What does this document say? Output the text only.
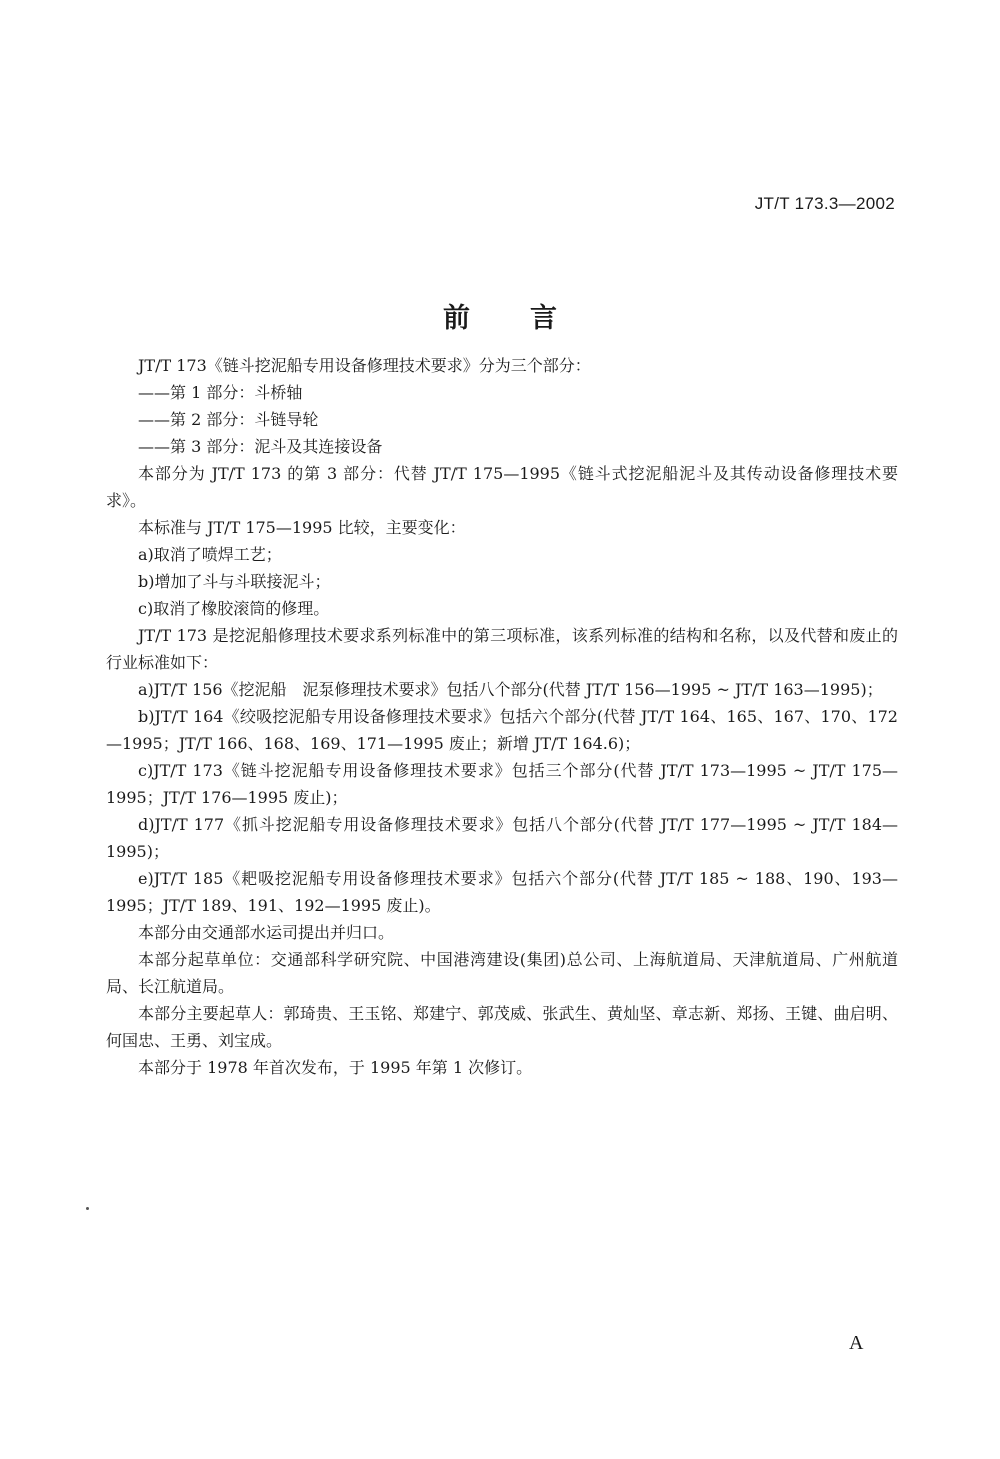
JT/T 173.3—2002
前言

JT/T 173《链斗挖泥船专用设备修理技术要求》分为三个部分：

——第 1 部分：斗桥轴

——第 2 部分：斗链导轮

——第 3 部分：泥斗及其连接设备

本部分为 JT/T 173 的第 3 部分：代替 JT/T 175—1995《链斗式挖泥船泥斗及其传动设备修理技术要求》。

本标准与 JT/T 175—1995 比较，主要变化：

a)取消了喷焊工艺；

b)增加了斗与斗联接泥斗；

c)取消了橡胶滚筒的修理。

JT/T 173 是挖泥船修理技术要求系列标准中的第三项标准，该系列标准的结构和名称，以及代替和废止的行业标准如下：

a)JT/T 156《挖泥船　泥泵修理技术要求》包括八个部分(代替 JT/T 156—1995 ~ JT/T 163—1995)；

b)JT/T 164《绞吸挖泥船专用设备修理技术要求》包括六个部分(代替 JT/T 164、165、167、170、172—1995；JT/T 166、168、169、171—1995 废止；新增 JT/T 164.6)；

c)JT/T 173《链斗挖泥船专用设备修理技术要求》包括三个部分(代替 JT/T 173—1995 ~ JT/T 175—1995；JT/T 176—1995 废止)；

d)JT/T 177《抓斗挖泥船专用设备修理技术要求》包括八个部分(代替 JT/T 177—1995 ~ JT/T 184—1995)；

e)JT/T 185《耙吸挖泥船专用设备修理技术要求》包括六个部分(代替 JT/T 185 ~ 188、190、193—1995；JT/T 189、191、192—1995 废止)。

本部分由交通部水运司提出并归口。

本部分起草单位：交通部科学研究院、中国港湾建设(集团)总公司、上海航道局、天津航道局、广州航道局、长江航道局。

本部分主要起草人：郭琦贵、王玉铭、郑建宁、郭茂威、张武生、黄灿坚、章志新、郑扬、王键、曲启明、何国忠、王勇、刘宝成。

本部分于 1978 年首次发布，于 1995 年第 1 次修订。

A
